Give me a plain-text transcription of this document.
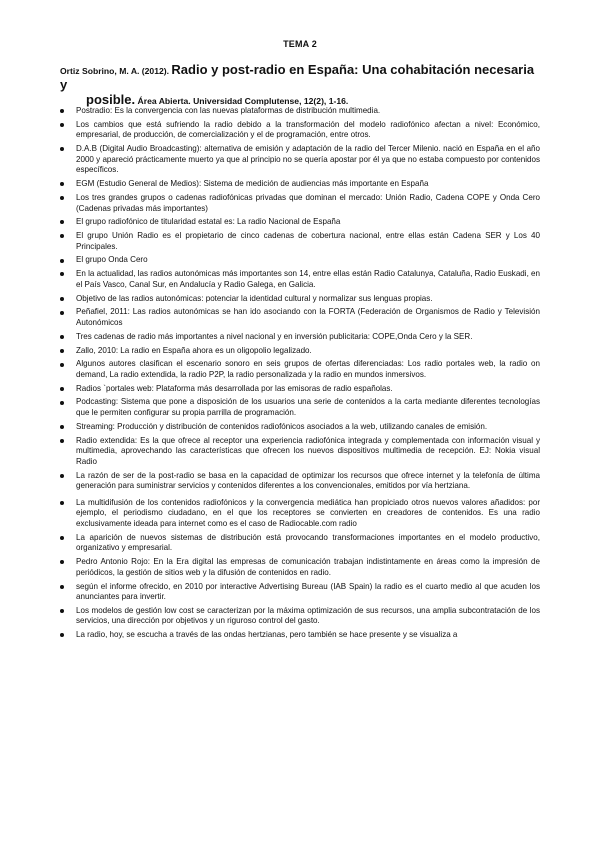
TEMA 2
Ortiz Sobrino, M. A. (2012). Radio y post-radio en España: Una cohabitación necesaria y
posible. Área Abierta. Universidad Complutense, 12(2), 1-16.
Postradio: Es la convergencia con las nuevas plataformas de distribución multimedia.
Los cambios que está sufriendo la radio debido a la transformación del modelo radiofónico afectan a nivel: Económico, empresarial, de producción, de comercialización y el de programación, entre otros.
D.A.B (Digital Audio Broadcasting): alternativa de emisión y adaptación de la radio del Tercer Milenio. nació en España en el año 2000 y apareció prácticamente muerto ya que al principio no se quería apostar por él ya que no estaba compuesto por contenidos específicos.
EGM (Estudio General de Medios): Sistema de medición de audiencias más importante en España
Los tres grandes grupos o cadenas radiofónicas privadas que dominan el mercado: Unión Radio, Cadena COPE y Onda Cero (Cadenas privadas más importantes)
El grupo radiofónico de titularidad estatal es: La radio Nacional de España
El grupo Unión Radio es el propietario de cinco cadenas de cobertura nacional, entre ellas están Cadena SER y Los 40 Principales.
El grupo Onda Cero
En la actualidad, las radios autonómicas más importantes son 14, entre ellas están Radio Catalunya, Cataluña, Radio Euskadi, en el País Vasco, Canal Sur, en Andalucía y Radio Galega, en Galicia.
Objetivo de las radios autonómicas: potenciar la identidad cultural y normalizar sus lenguas propias.
Peñafiel, 2011: Las radios autonómicas se han ido asociando con la FORTA (Federación de Organismos de Radio y Televisión Autonómicos
Tres cadenas de radio más importantes a nivel nacional y en inversión publicitaria: COPE,Onda Cero y la SER.
Zallo, 2010: La radio en España ahora es un oligopolio legalizado.
Algunos autores clasifican el escenario sonoro en seis grupos de ofertas diferenciadas: Los radio portales web, la radio on demand, La radio extendida, la radio P2P, la radio personalizada y la radio en mundos inmersivos.
Radios `portales web: Plataforma más desarrollada por las emisoras de radio españolas.
Podcasting: Sistema que pone a disposición de los usuarios una serie de contenidos a la carta mediante diferentes tecnologías que le permiten configurar su propia parrilla de programación.
Streaming: Producción y distribución de contenidos radiofónicos asociados a la web, utilizando canales de emisión.
Radio extendida: Es la que ofrece al receptor una experiencia radiofónica integrada y complementada con información visual y multimedia, aprovechando las características que ofrecen los nuevos dispositivos multimedia de recepción. EJ: Nokia visual Radio
La razón de ser de la post-radio se basa en la capacidad de optimizar los recursos que ofrece internet y la telefonía de última generación para suministrar servicios y contenidos diferentes a los convencionales, emitidos por vía hertziana.
La multidifusión de los contenidos radiofónicos y la convergencia mediática han propiciado otros nuevos valores añadidos: por ejemplo, el periodismo ciudadano, en el que los receptores se convierten en creadores de contenidos. Es una radio exclusivamente ideada para internet como es el caso de Radiocable.com radio
La aparición de nuevos sistemas de distribución está provocando transformaciones importantes en el modelo productivo, organizativo y empresarial.
Pedro Antonio Rojo: En la Era digital las empresas de comunicación trabajan indistintamente en áreas como la impresión de periódicos, la gestión de sitios web y la difusión de contenidos en radio.
según el informe ofrecido, en 2010 por interactive Advertising Bureau (IAB Spain) la radio es el cuarto medio al que acuden los anunciantes para invertir.
Los modelos de gestión low cost se caracterizan por la máxima optimización de sus recursos, una amplia subcontratación de los servicios, una dirección por objetivos y un riguroso control del gasto.
La radio, hoy, se escucha a través de las ondas hertzianas, pero también se hace presente y se visualiza a
